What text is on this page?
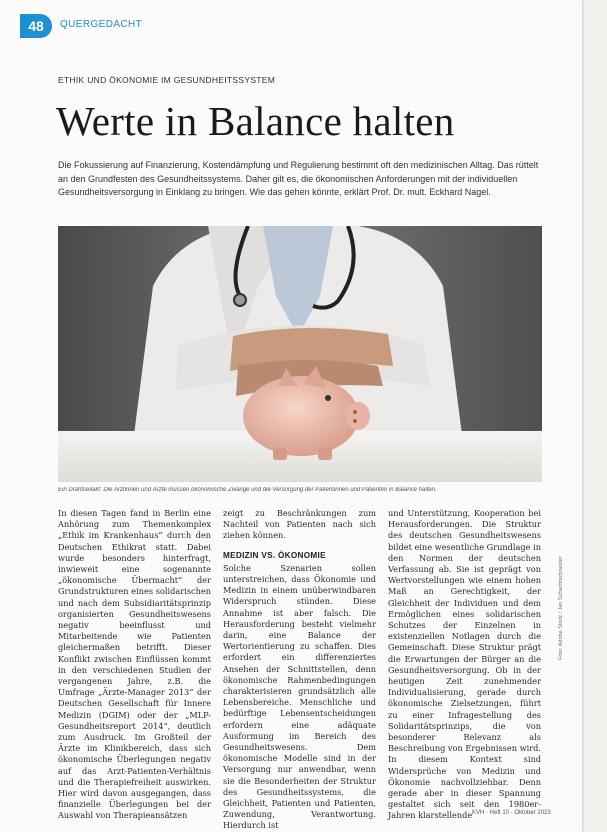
48	QUERGEDACHT
ETHIK UND ÖKONOMIE IM GESUNDHEITSSYSTEM
Werte in Balance halten

Die Fokussierung auf Finanzierung, Kostendämpfung und Regulierung bestimmt oft den medizinischen Alltag. Das rüttelt an den Grundfesten des Gesundheitssystems. Daher gilt es, die ökonomischen Anforderungen mit der individuellen Gesundheitsversorgung in Einklang zu bringen. Wie das gehen könnte, erklärt Prof. Dr. mult. Eckhard Nagel.

Ein Drahtseilakt: Die Ärztinnen und Ärzte müssen ökonomische Zwänge und die Versorgung der Patientinnen und Patienten in Balance halten.

In diesen Tagen fand in Berlin eine Anhörung zum Themenkomplex „Ethik im Krankenhaus“ durch den Deutschen Ethikrat statt. Dabei wurde besonders hinterfragt, inwieweit eine sogenannte „ökonomische Übermacht“ der Grundstrukturen eines solidarischen und nach dem Subsidiaritätsprinzip organisierten Gesundheitswesens negativ beeinflusst und Mitarbeitende wie Patienten gleichermaßen betrifft. Dieser Konflikt zwischen Einflüssen kommt in den verschiedenen Studien der vergangenen Jahre, z.B. die Umfrage „Ärzte-Manager 2013“ der Deutschen Gesellschaft für Innere Medizin (DGIM) oder der „MLP-Gesundheitsreport 2014“, deutlich zum Ausdruck. Im Großteil der Ärzte im Klinikbereich, dass sich ökonomische Überlegungen negativ auf das Arzt-Patienten-Verhältnis und die Therapiefreiheit auswirken. Hier wird davon ausgegangen, dass finanzielle Überlegungen bei der Auswahl von Therapieansätzen

zeigt zu Beschränkungen zum Nachteil von Patienten nach sich ziehen können.

MEDIZIN VS. ÖKONOMIE

Solche Szenarien sollen unterstreichen, dass Ökonomie und Medizin in einem unüberwindbaren Widerspruch stünden. Diese Annahme ist aber falsch. Die Herausforderung besteht vielmehr darin, eine Balance der Wertorientierung zu schaffen. Dies erfordert ein differenziertes Ansehen der Schnittstellen, denn ökonomische Rahmenbedingungen charakterisieren grundsätzlich alle Lebensbereiche. Menschliche und bedürftige Lebensentscheidungen erfordern eine adäquate Ausformung im Bereich des Gesundheitswesens. Dem ökonomische Modelle sind in der Versorgung nur anwendbar, wenn sie die Besonderheiten der Struktur des Gesundheitssystems, die Gleichheit, Patienten und Patienten, Zuwendung, Verantwortung. Hierdurch ist

und Unterstützung, Kooperation bei Herausforderungen. Die Struktur des deutschen Gesundheitswesens bildet eine wesentliche Grundlage in den Normen der deutschen Verfassung ab. Sie ist geprägt von Wertvorstellungen wie einem hohen Maß an Gerechtigkeit, der Gleichheit der Individuen und dem Ermöglichen eines solidarischen Schutzes der Einzelnen in existenziellen Notlagen durch die Gemeinschaft. Diese Struktur prägt die Erwartungen der Bürger an die Gesundheitsversorgung. Ob in der heutigen Zeit zunehmender Individualisierung, gerade durch ökonomische Zielsetzungen, führt zu einer Infragestellung des Solidaritätsprinzips, die von besonderer Relevanz als Beschreibung von Ergebnissen wird. In diesem Kontext sind Widersprüche von Medizin und Ökonomie nachvollziehbar. Denn gerade aber in dieser Spannung gestaltet sich seit den 1980er-Jahren klarstellende KVH · Heft 10 · Oktober 2023
Foto: Adobe Stock / Jan Schachtschneider
